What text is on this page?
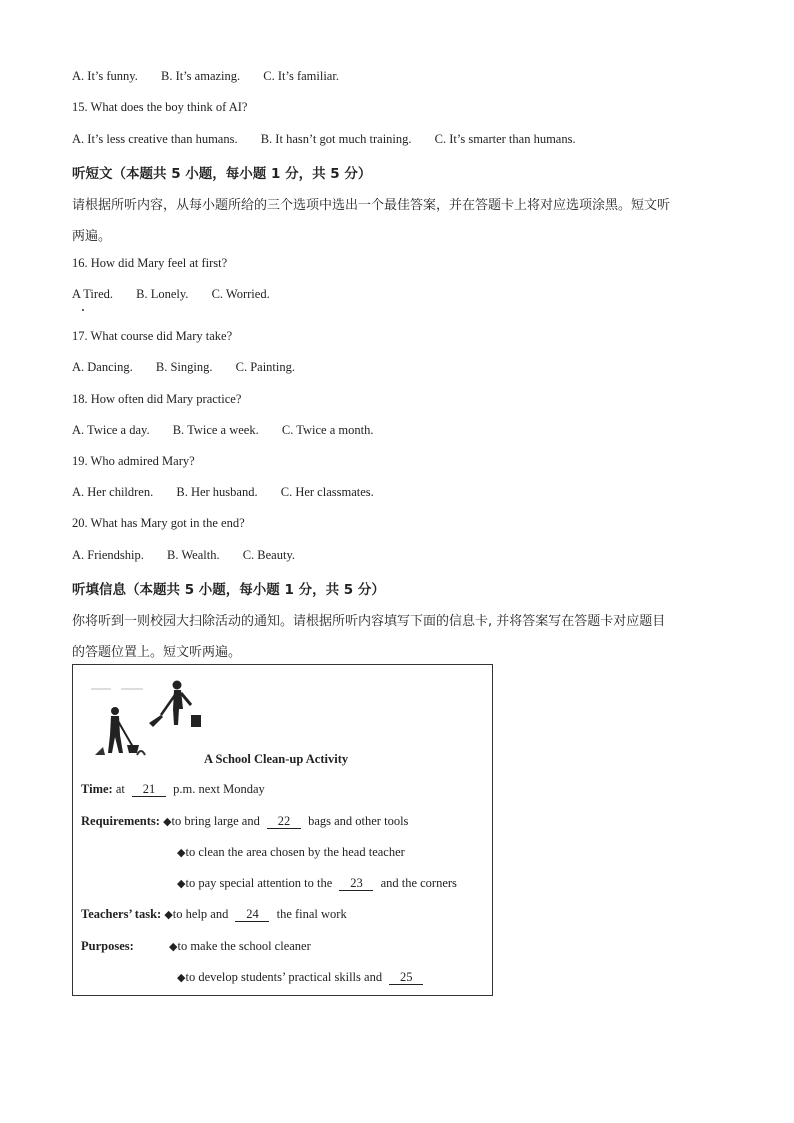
A. It’s funny. B. It’s amazing. C. It’s familiar.
15. What does the boy think of AI?
A. It’s less creative than humans. B. It hasn’t got much training. C. It’s smarter than humans.
听短文（本题共 5 小题，每小题 1 分，共 5 分）
请根据所听内容，从每小题所给的三个选项中选出一个最佳答案，并在答题卡上将对应选项涂黑。短文听
两遍。
16. How did Mary feel at first?
A Tired. B. Lonely. C. Worried.
17. What course did Mary take?
A. Dancing. B. Singing. C. Painting.
18. How often did Mary practice?
A. Twice a day. B. Twice a week. C. Twice a month.
19. Who admired Mary?
A. Her children. B. Her husband. C. Her classmates.
20. What has Mary got in the end?
A. Friendship. B. Wealth. C. Beauty.
听填信息（本题共 5 小题，每小题 1 分，共 5 分）
你将听到一则校园大扫除活动的通知。请根据所听内容填写下面的信息卡, 并将答案写在答题卡对应题目
的答题位置上。短文听两遍。
A School Clean-up Activity
Time: at 21 p.m. next Monday
Requirements: ◆to bring large and 22 bags and other tools
◆to clean the area chosen by the head teacher
◆to pay special attention to the 23 and the corners
Teachers’ task: ◆to help and 24 the final work
Purposes:	◆to make the school cleaner
◆to develop students’ practical skills and 25
